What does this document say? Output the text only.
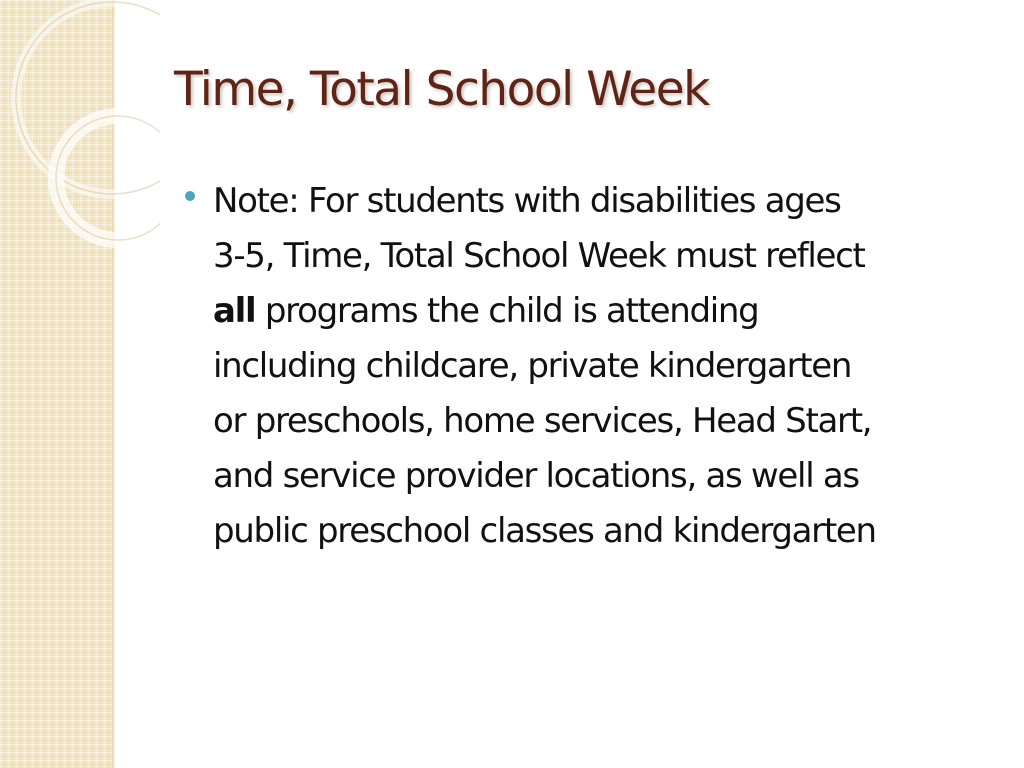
Time, Total School Week

Note: For students with disabilities ages
3-5, Time, Total School Week must reflect
all programs the child is attending
including childcare, private kindergarten
or preschools, home services, Head Start,
and service provider locations, as well as
public preschool classes and kindergarten
